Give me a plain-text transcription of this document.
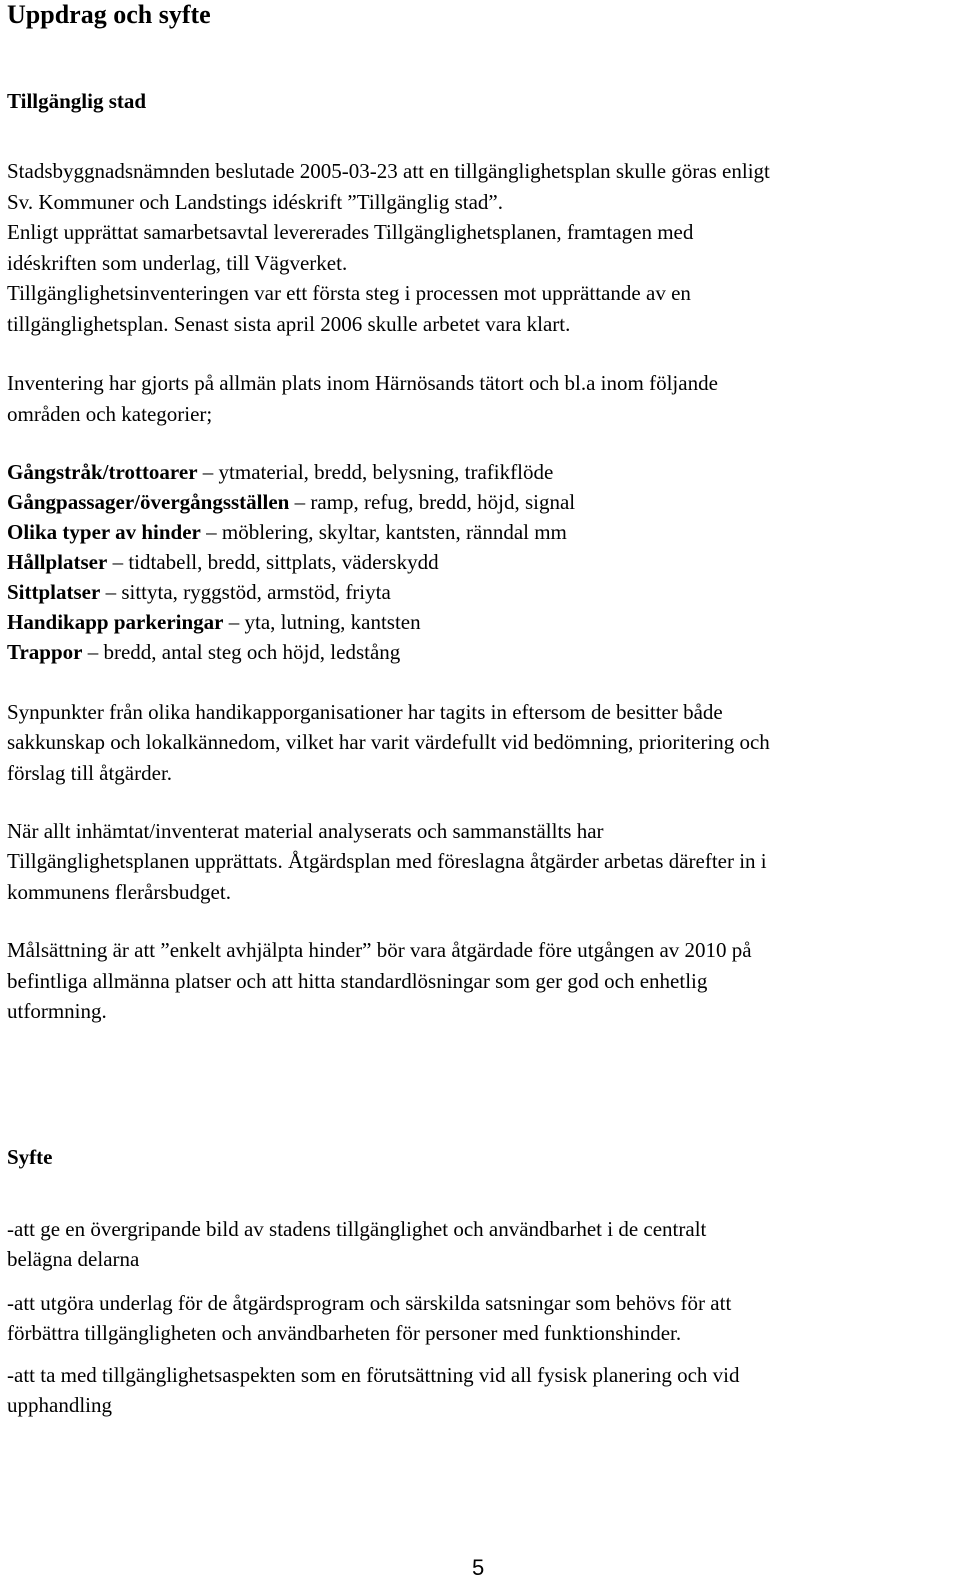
Uppdrag och syfte
Tillgänglig stad

Stadsbyggnadsnämnden beslutade 2005-03-23 att en tillgänglighetsplan skulle göras enligt

Sv. Kommuner och Landstings idéskrift ”Tillgänglig stad”.

Enligt upprättat samarbetsavtal levererades Tillgänglighetsplanen, framtagen med

idéskriften som underlag, till Vägverket.

Tillgänglighetsinventeringen var ett första steg i processen mot upprättande av en

tillgänglighetsplan. Senast sista april 2006 skulle arbetet vara klart.

Inventering har gjorts på allmän plats inom Härnösands tätort och bl.a inom följande

områden och kategorier;

Gångstråk/trottoarer – ytmaterial, bredd, belysning, trafikflöde

Gångpassager/övergångsställen – ramp, refug, bredd, höjd, signal

Olika typer av hinder – möblering, skyltar, kantsten, ränndal mm

Hållplatser – tidtabell, bredd, sittplats, väderskydd

Sittplatser – sittyta, ryggstöd, armstöd, friyta

Handikapp parkeringar – yta, lutning, kantsten

Trappor – bredd, antal steg och höjd, ledstång

Synpunkter från olika handikapporganisationer har tagits in eftersom de besitter både

sakkunskap och lokalkännedom, vilket har varit värdefullt vid bedömning, prioritering och

förslag till åtgärder.

När allt inhämtat/inventerat material analyserats och sammanställts har

Tillgänglighetsplanen upprättats. Åtgärdsplan med föreslagna åtgärder arbetas därefter in i

kommunens flerårsbudget.

Målsättning är att ”enkelt avhjälpta hinder” bör vara åtgärdade före utgången av 2010 på

befintliga allmänna platser och att hitta standardlösningar som ger god och enhetlig

utformning.

Syfte

-att ge en övergripande bild av stadens tillgänglighet och användbarhet i de centralt

belägna delarna

-att utgöra underlag för de åtgärdsprogram och särskilda satsningar som behövs för att

förbättra tillgängligheten och användbarheten för personer med funktionshinder.

-att ta med tillgänglighetsaspekten som en förutsättning vid all fysisk planering och vid

upphandling

5
